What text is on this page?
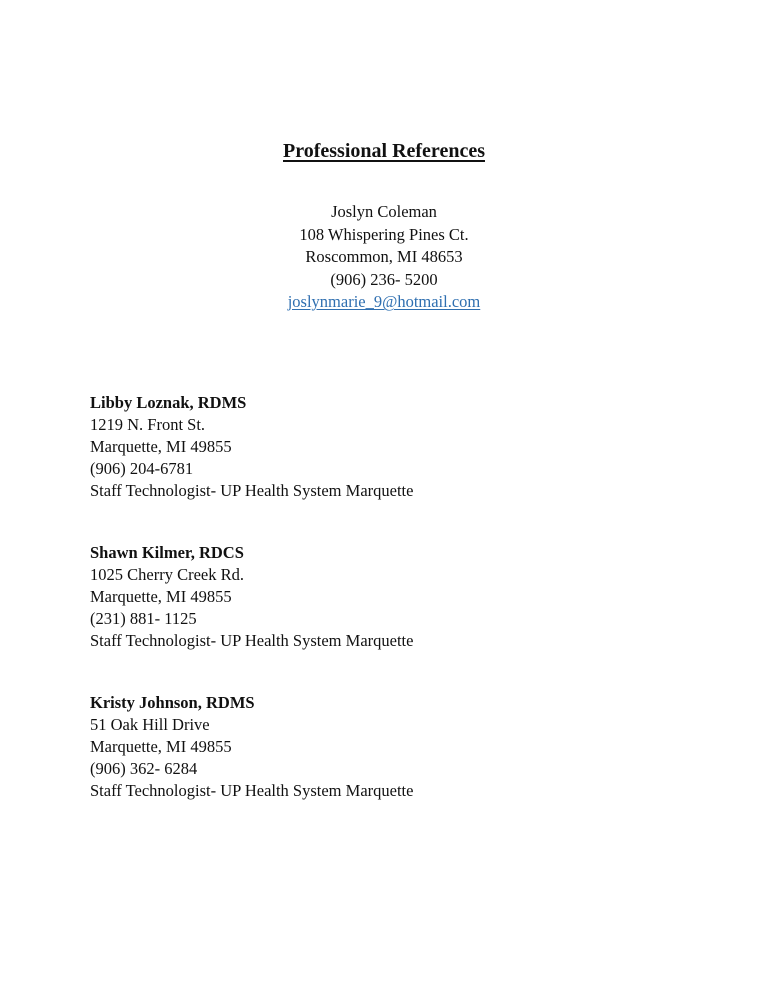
Professional References
Joslyn Coleman
108 Whispering Pines Ct.
Roscommon, MI 48653
(906) 236- 5200
joslynmarie_9@hotmail.com
Libby Loznak, RDMS
1219 N. Front St.
Marquette, MI 49855
(906) 204-6781
Staff Technologist- UP Health System Marquette
Shawn Kilmer, RDCS
1025 Cherry Creek Rd.
Marquette, MI 49855
(231) 881- 1125
Staff Technologist- UP Health System Marquette
Kristy Johnson, RDMS
51 Oak Hill Drive
Marquette, MI 49855
(906) 362- 6284
Staff Technologist- UP Health System Marquette
